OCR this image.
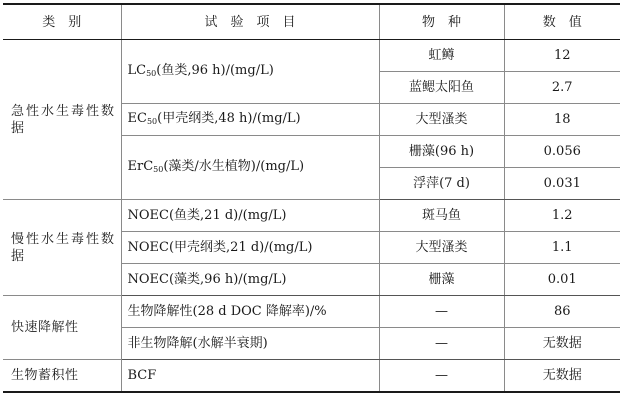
类　别	试　验　项　目	物　种	数　值
急性水生毒性数据	$LC_{50}$(鱼类,96 h)/(mg/L)	虹鳟	12
		蓝鳃太阳鱼	2.7
	$EC_{50}$(甲壳纲类,48 h)/(mg/L)	大型溞类	18
	ErC$_{50}$(藻类/水生植物)/(mg/L)	栅藻(96 h)	0.056
		浮萍(7 d)	0.031
慢性水生毒性数据	NOEC(鱼类,21 d)/(mg/L)	斑马鱼	1.2
	NOEC(甲壳纲类,21 d)/(mg/L)	大型溞类	1.1
	NOEC(藻类,96 h)/(mg/L)	栅藻	0.01
快速降解性	生物降解性(28 d DOC 降解率)/%	—	86
	非生物降解(水解半衰期)	—	无数据
生物蓄积性	BCF	—	无数据
